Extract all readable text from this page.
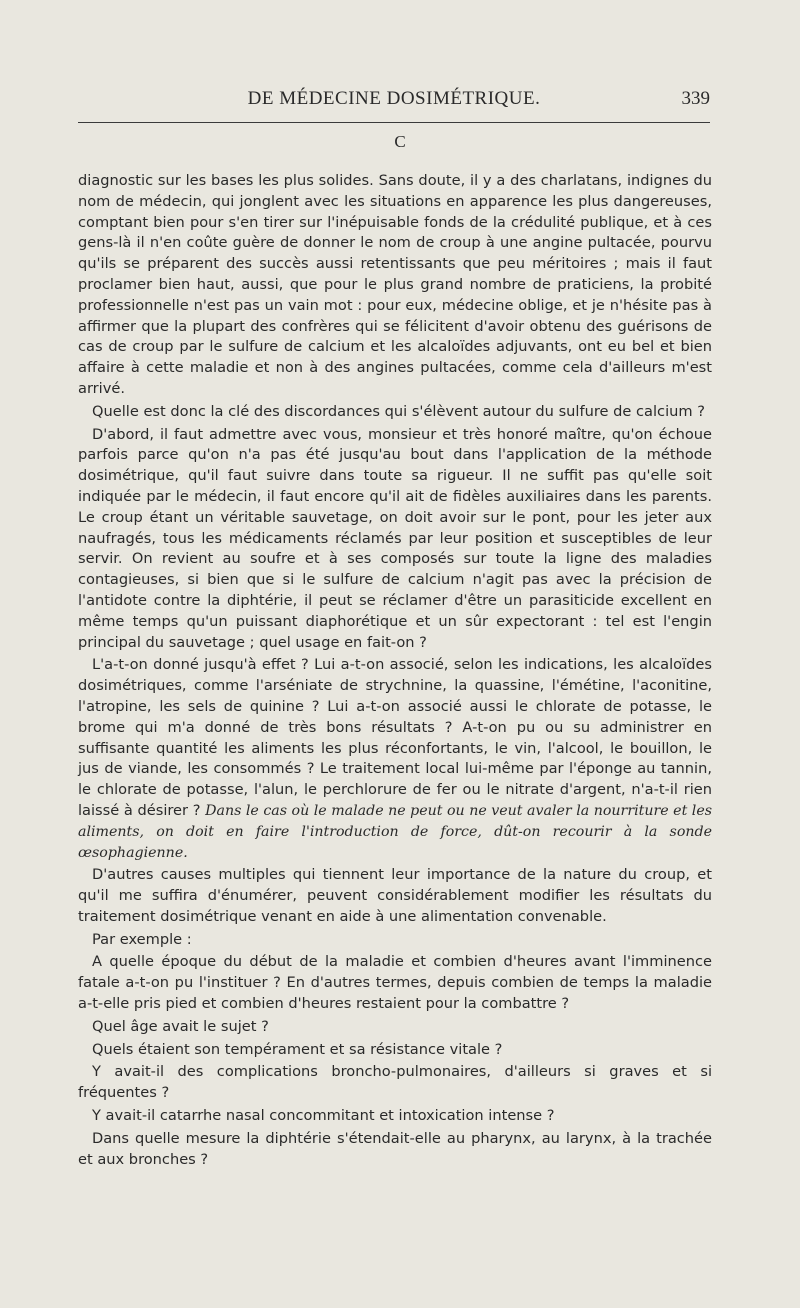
DE MÉDECINE DOSIMÉTRIQUE.	339
C

diagnostic sur les bases les plus solides. Sans doute, il y a des charlatans, indignes du nom de médecin, qui jonglent avec les situations en apparence les plus dangereuses, comptant bien pour s'en tirer sur l'inépuisable fonds de la crédulité publique, et à ces gens-là il n'en coûte guère de donner le nom de croup à une angine pultacée, pourvu qu'ils se préparent des succès aussi retentissants que peu méritoires ; mais il faut proclamer bien haut, aussi, que pour le plus grand nombre de praticiens, la probité professionnelle n'est pas un vain mot : pour eux, médecine oblige, et je n'hésite pas à affirmer que la plupart des confrères qui se félicitent d'avoir obtenu des guérisons de cas de croup par le sulfure de calcium et les alcaloïdes adjuvants, ont eu bel et bien affaire à cette maladie et non à des angines pultacées, comme cela d'ailleurs m'est arrivé.

Quelle est donc la clé des discordances qui s'élèvent autour du sulfure de calcium ?

D'abord, il faut admettre avec vous, monsieur et très honoré maître, qu'on échoue parfois parce qu'on n'a pas été jusqu'au bout dans l'application de la méthode dosimétrique, qu'il faut suivre dans toute sa rigueur. Il ne suffit pas qu'elle soit indiquée par le médecin, il faut encore qu'il ait de fidèles auxiliaires dans les parents. Le croup étant un véritable sauvetage, on doit avoir sur le pont, pour les jeter aux naufragés, tous les médicaments réclamés par leur position et susceptibles de leur servir. On revient au soufre et à ses composés sur toute la ligne des maladies contagieuses, si bien que si le sulfure de calcium n'agit pas avec la précision de l'antidote contre la diphtérie, il peut se réclamer d'être un parasiticide excellent en même temps qu'un puissant diaphorétique et un sûr expectorant : tel est l'engin principal du sauvetage ; quel usage en fait-on ?

L'a-t-on donné jusqu'à effet ? Lui a-t-on associé, selon les indications, les alcaloïdes dosimétriques, comme l'arséniate de strychnine, la quassine, l'émétine, l'aconitine, l'atropine, les sels de quinine ? Lui a-t-on associé aussi le chlorate de potasse, le brome qui m'a donné de très bons résultats ? A-t-on pu ou su administrer en suffisante quantité les aliments les plus réconfortants, le vin, l'alcool, le bouillon, le jus de viande, les consommés ? Le traitement local lui-même par l'éponge au tannin, le chlorate de potasse, l'alun, le perchlorure de fer ou le nitrate d'argent, n'a-t-il rien laissé à désirer ? Dans le cas où le malade ne peut ou ne veut avaler la nourriture et les aliments, on doit en faire l'introduction de force, dût-on recourir à la sonde œsophagienne.

D'autres causes multiples qui tiennent leur importance de la nature du croup, et qu'il me suffira d'énumérer, peuvent considérablement modifier les résultats du traitement dosimétrique venant en aide à une alimentation convenable.

Par exemple :

A quelle époque du début de la maladie et combien d'heures avant l'imminence fatale a-t-on pu l'instituer ? En d'autres termes, depuis combien de temps la maladie a-t-elle pris pied et combien d'heures restaient pour la combattre ?

Quel âge avait le sujet ?

Quels étaient son tempérament et sa résistance vitale ?

Y avait-il des complications broncho-pulmonaires, d'ailleurs si graves et si fréquentes ?

Y avait-il catarrhe nasal concommitant et intoxication intense ?

Dans quelle mesure la diphtérie s'étendait-elle au pharynx, au larynx, à la trachée et aux bronches ?
